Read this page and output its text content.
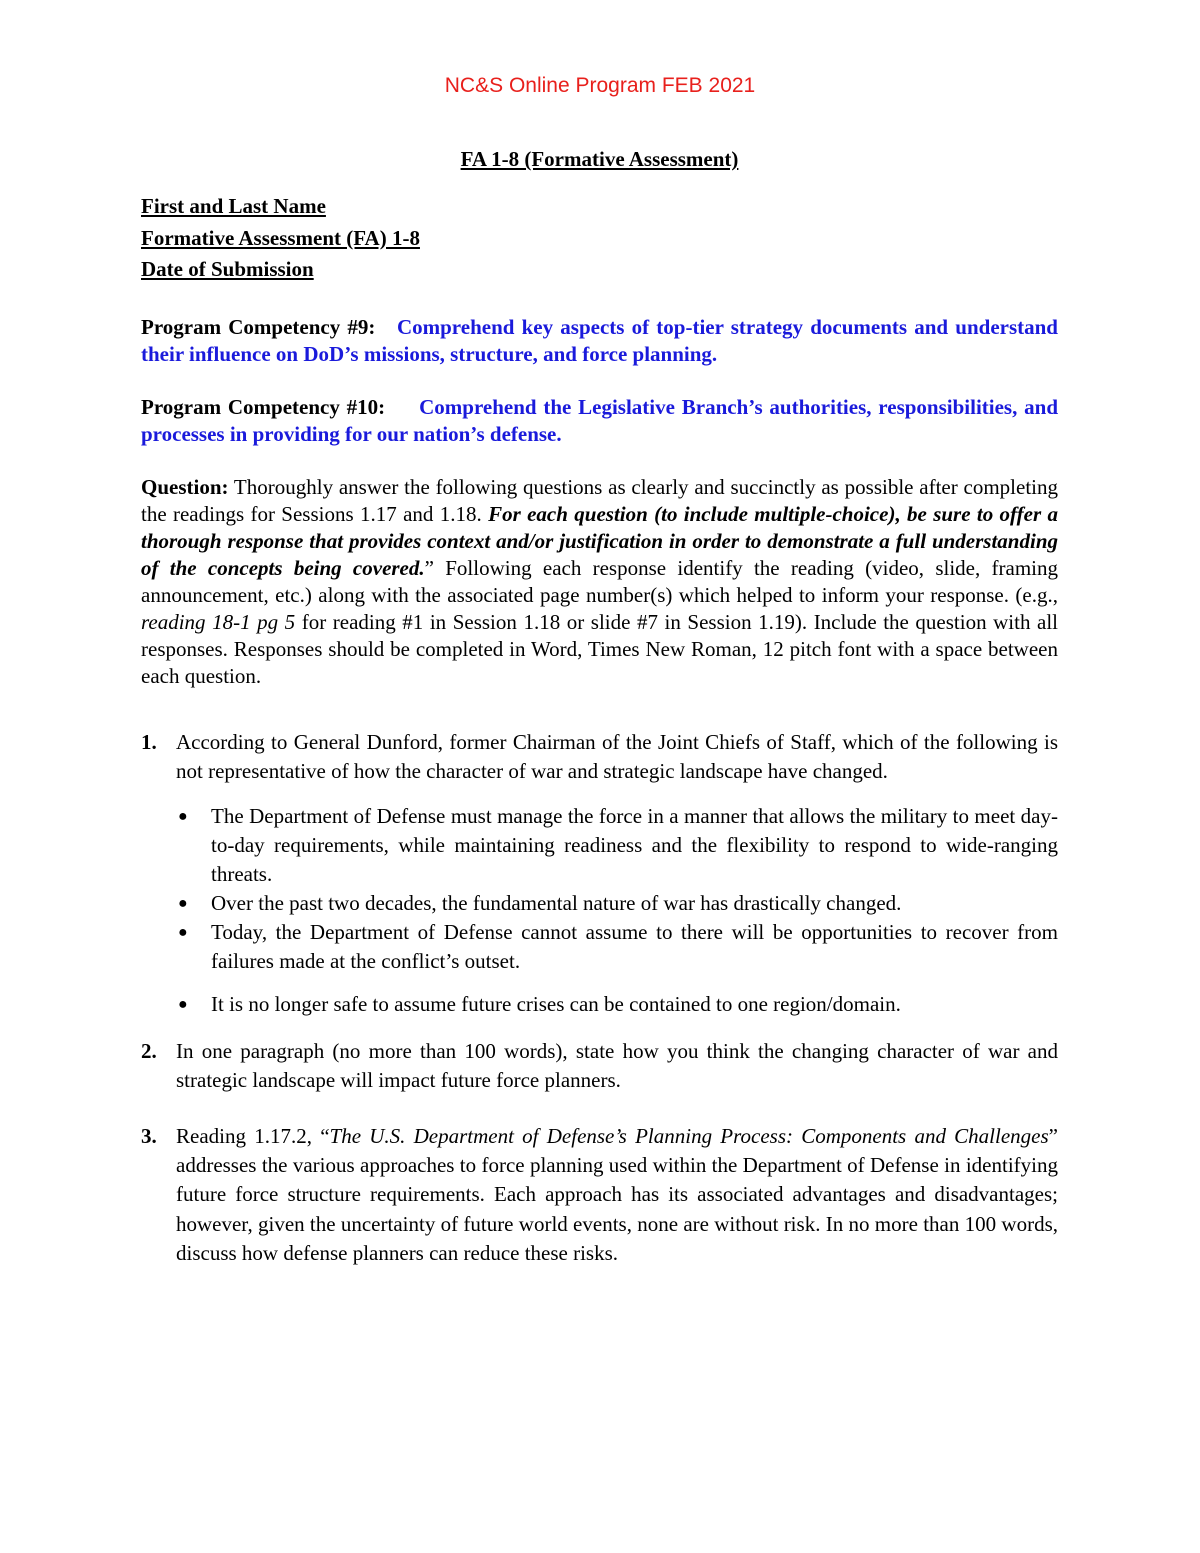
NC&S Online Program FEB 2021

FA 1-8 (Formative Assessment)

First and Last Name
Formative Assessment (FA) 1-8
Date of Submission
Program Competency #9: Comprehend key aspects of top-tier strategy documents and understand their influence on DoD’s missions, structure, and force planning.
Program Competency #10: Comprehend the Legislative Branch’s authorities, responsibilities, and processes in providing for our nation’s defense.
Question: Thoroughly answer the following questions as clearly and succinctly as possible after completing the readings for Sessions 1.17 and 1.18. For each question (to include multiple-choice), be sure to offer a thorough response that provides context and/or justification in order to demonstrate a full understanding of the concepts being covered.” Following each response identify the reading (video, slide, framing announcement, etc.) along with the associated page number(s) which helped to inform your response. (e.g., reading 18-1 pg 5 for reading #1 in Session 1.18 or slide #7 in Session 1.19). Include the question with all responses. Responses should be completed in Word, Times New Roman, 12 pitch font with a space between each question.
1. According to General Dunford, former Chairman of the Joint Chiefs of Staff, which of the following is not representative of how the character of war and strategic landscape have changed.
● The Department of Defense must manage the force in a manner that allows the military to meet day-to-day requirements, while maintaining readiness and the flexibility to respond to wide-ranging threats.
● Over the past two decades, the fundamental nature of war has drastically changed.
● Today, the Department of Defense cannot assume to there will be opportunities to recover from failures made at the conflict’s outset.
● It is no longer safe to assume future crises can be contained to one region/domain.
2. In one paragraph (no more than 100 words), state how you think the changing character of war and strategic landscape will impact future force planners.
3. Reading 1.17.2, “The U.S. Department of Defense’s Planning Process: Components and Challenges” addresses the various approaches to force planning used within the Department of Defense in identifying future force structure requirements. Each approach has its associated advantages and disadvantages; however, given the uncertainty of future world events, none are without risk. In no more than 100 words, discuss how defense planners can reduce these risks.
